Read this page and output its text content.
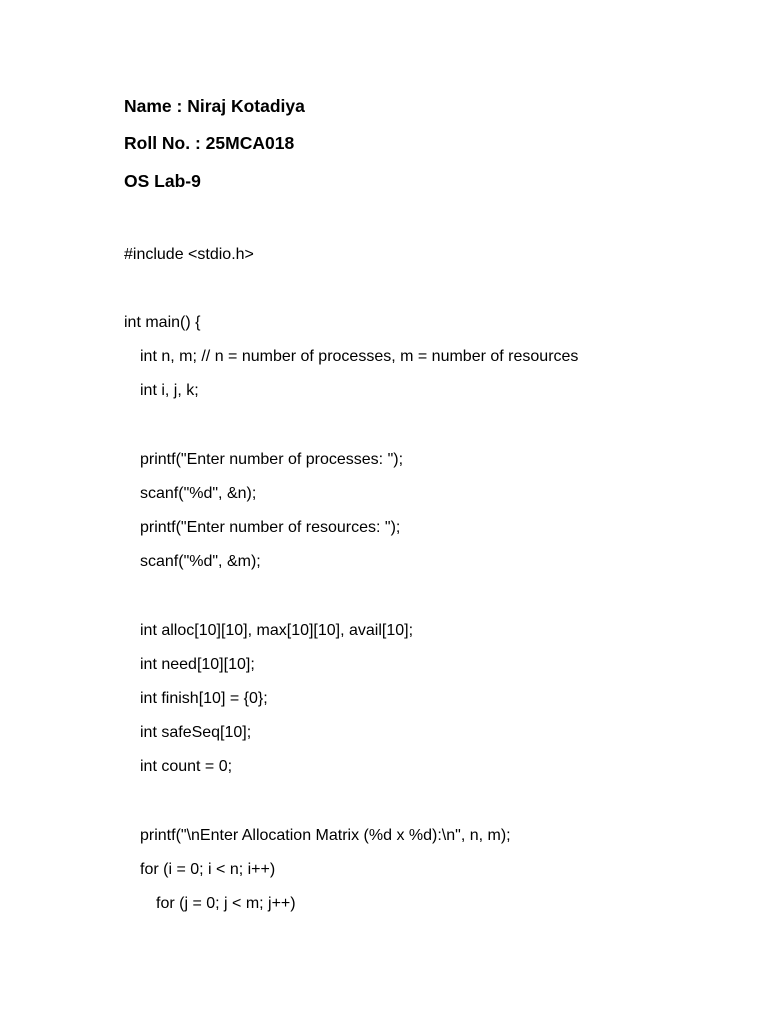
Name : Niraj Kotadiya
Roll No. : 25MCA018
OS Lab-9
#include <stdio.h>
int main() {
int n, m; // n = number of processes, m = number of resources
int i, j, k;
printf("Enter number of processes: ");
scanf("%d", &n);
printf("Enter number of resources: ");
scanf("%d", &m);
int alloc[10][10], max[10][10], avail[10];
int need[10][10];
int finish[10] = {0};
int safeSeq[10];
int count = 0;
printf("\nEnter Allocation Matrix (%d x %d):\n", n, m);
for (i = 0; i < n; i++)
for (j = 0; j < m; j++)
